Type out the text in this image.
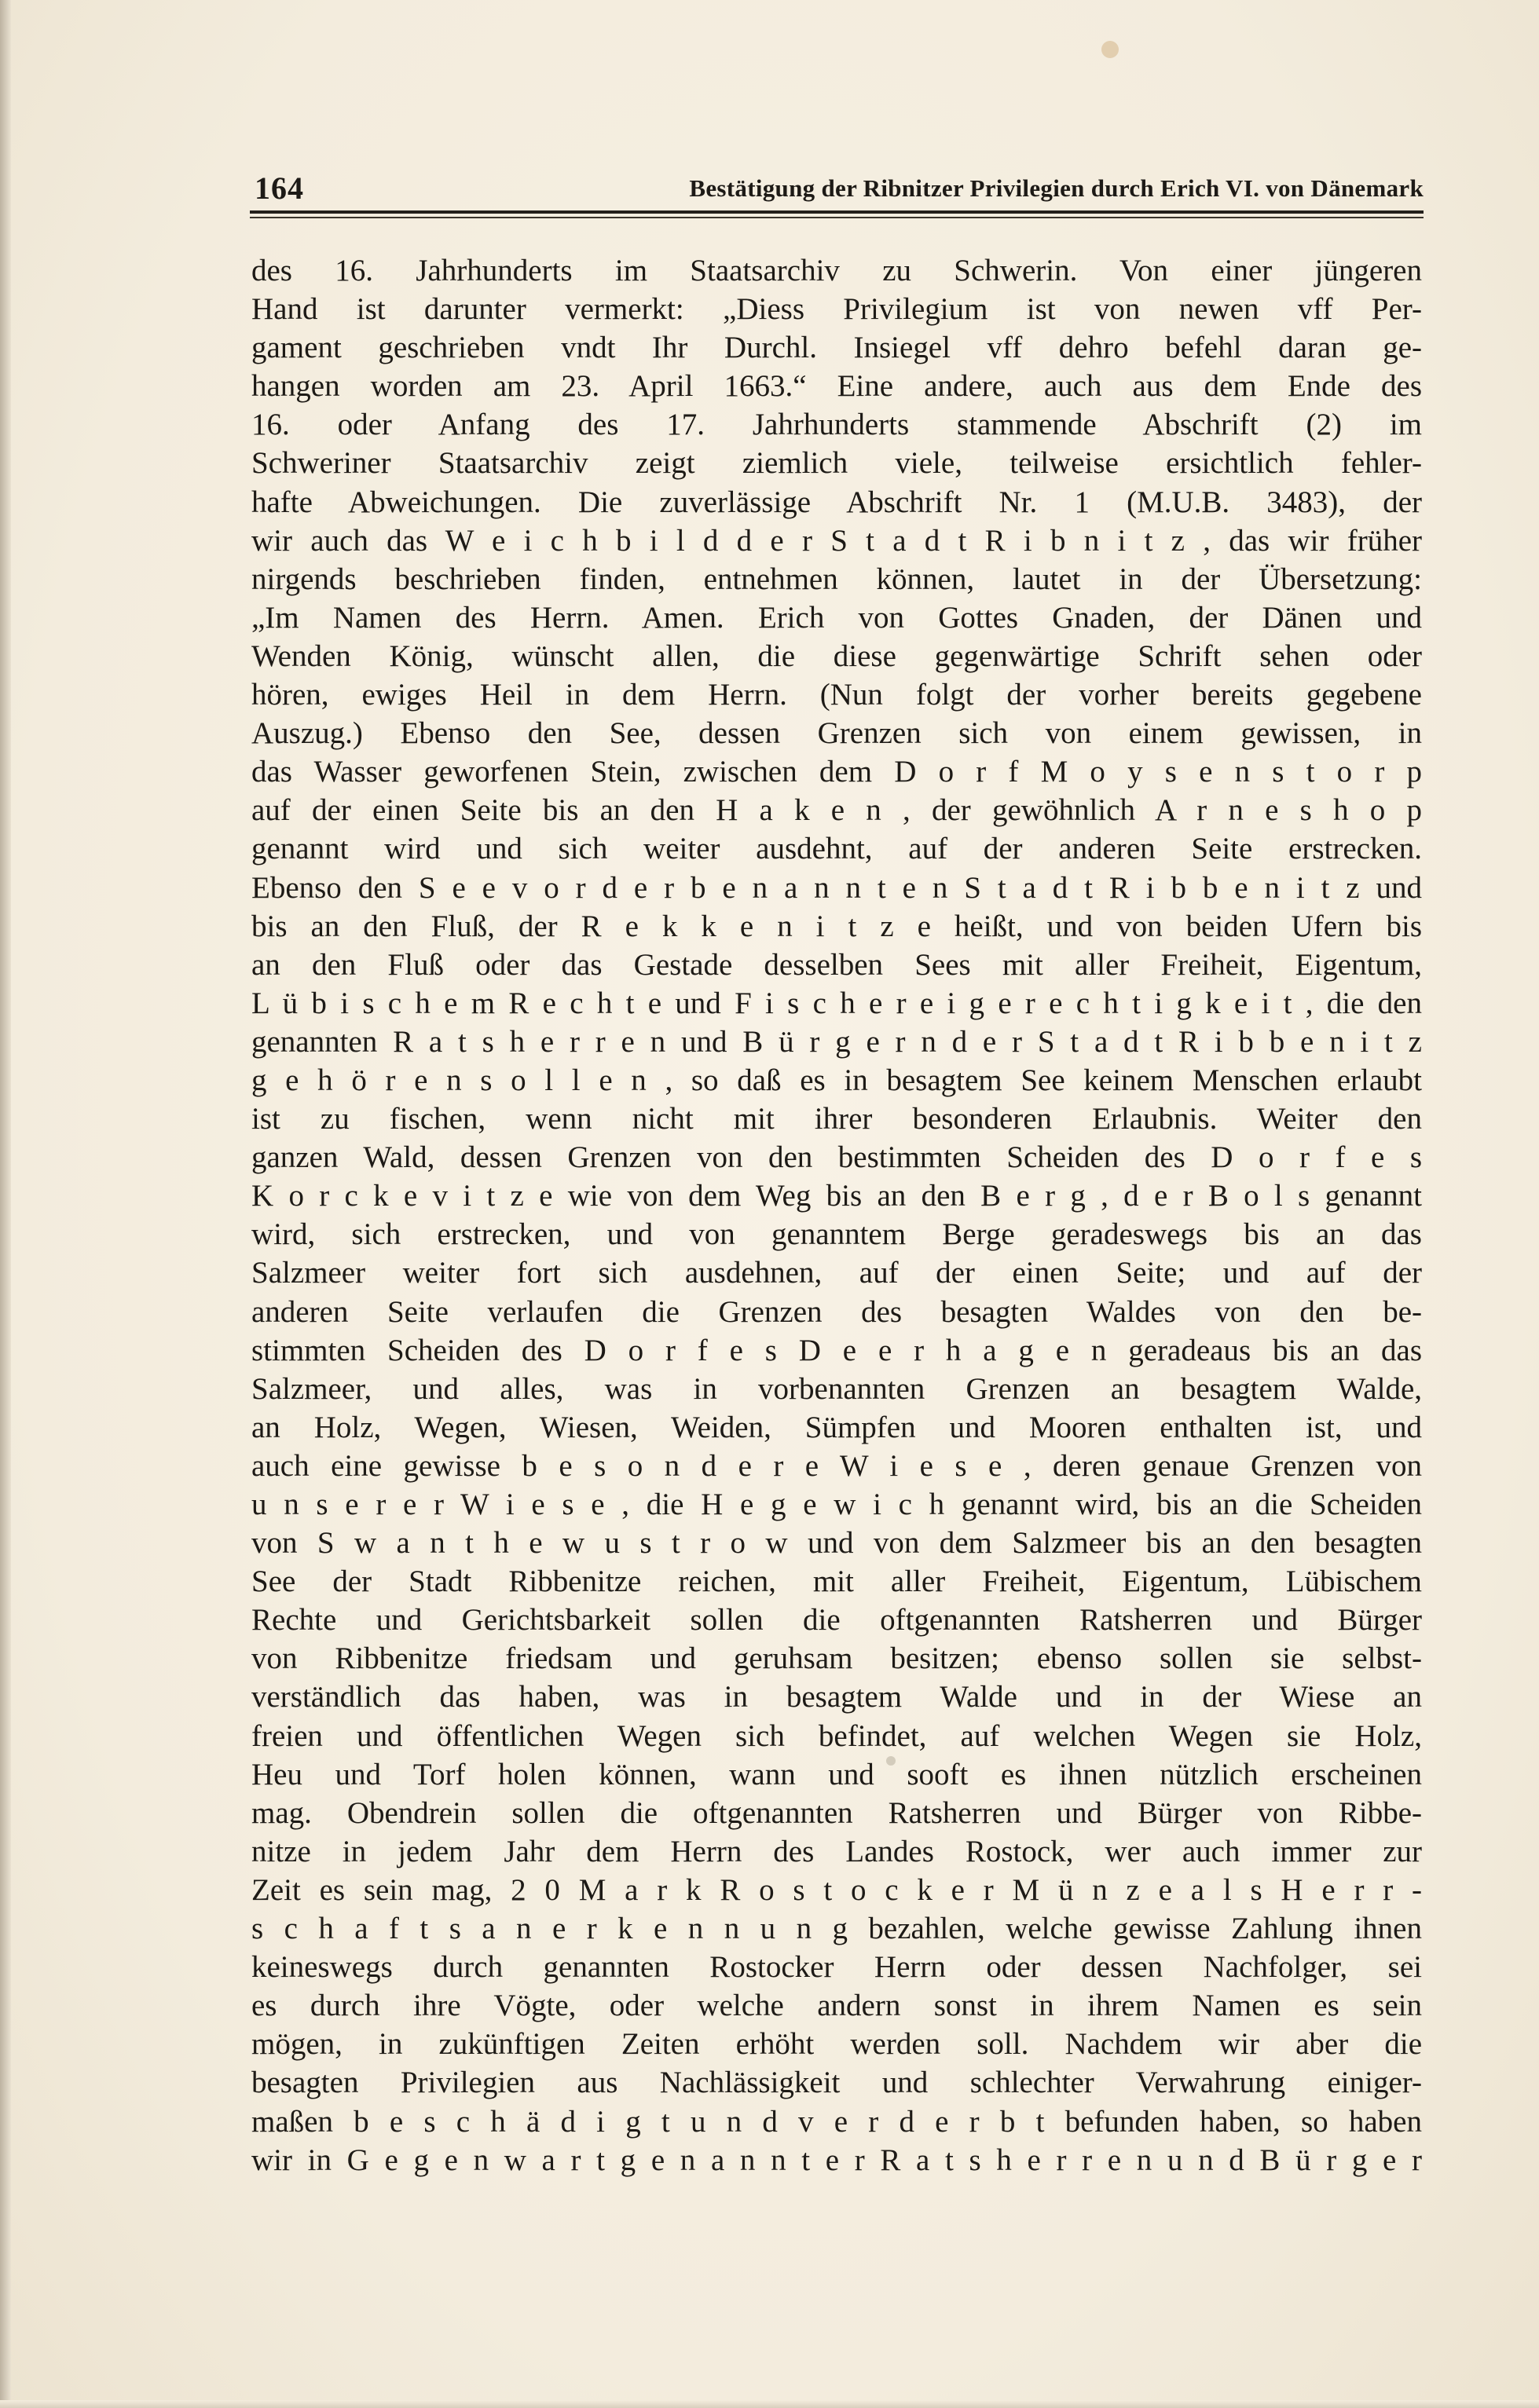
164	Bestätigung der Ribnitzer Privilegien durch Erich VI. von Dänemark
des 16. Jahrhunderts im Staatsarchiv zu Schwerin. Von einer jüngeren
Hand ist darunter vermerkt: „Diess Privilegium ist von newen vff Per-
gament geschrieben vndt Ihr Durchl. Insiegel vff dehro befehl daran ge-
hangen worden am 23. April 1663.“ Eine andere, auch aus dem Ende des
16. oder Anfang des 17. Jahrhunderts stammende Abschrift (2) im
Schweriner Staatsarchiv zeigt ziemlich viele, teilweise ersichtlich fehler-
hafte Abweichungen. Die zuverlässige Abschrift Nr. 1 (M.U.B. 3483), der
wir auch das W e i c h b i l d d e r S t a d t R i b n i t z , das wir früher
nirgends beschrieben finden, entnehmen können, lautet in der Übersetzung:
„Im Namen des Herrn. Amen. Erich von Gottes Gnaden, der Dänen und
Wenden König, wünscht allen, die diese gegenwärtige Schrift sehen oder
hören, ewiges Heil in dem Herrn. (Nun folgt der vorher bereits gegebene
Auszug.) Ebenso den See, dessen Grenzen sich von einem gewissen, in
das Wasser geworfenen Stein, zwischen dem D o r f M o y s e n s t o r p
auf der einen Seite bis an den H a k e n , der gewöhnlich A r n e s h o p
genannt wird und sich weiter ausdehnt, auf der anderen Seite erstrecken.
Ebenso den S e e v o r d e r b e n a n n t e n S t a d t R i b b e n i t z und
bis an den Fluß, der R e k k e n i t z e heißt, und von beiden Ufern bis
an den Fluß oder das Gestade desselben Sees mit aller Freiheit, Eigentum,
L ü b i s c h e m R e c h t e und F i s c h e r e i g e r e c h t i g k e i t , die den
genannten R a t s h e r r e n und B ü r g e r n d e r S t a d t R i b b e n i t z
g e h ö r e n s o l l e n , so daß es in besagtem See keinem Menschen erlaubt
ist zu fischen, wenn nicht mit ihrer besonderen Erlaubnis. Weiter den
ganzen Wald, dessen Grenzen von den bestimmten Scheiden des D o r f e s
K o r c k e v i t z e wie von dem Weg bis an den B e r g , d e r B o l s genannt
wird, sich erstrecken, und von genanntem Berge geradeswegs bis an das
Salzmeer weiter fort sich ausdehnen, auf der einen Seite; und auf der
anderen Seite verlaufen die Grenzen des besagten Waldes von den be-
stimmten Scheiden des D o r f e s D e e r h a g e n geradeaus bis an das
Salzmeer, und alles, was in vorbenannten Grenzen an besagtem Walde,
an Holz, Wegen, Wiesen, Weiden, Sümpfen und Mooren enthalten ist, und
auch eine gewisse b e s o n d e r e W i e s e , deren genaue Grenzen von
u n s e r e r W i e s e , die H e g e w i c h genannt wird, bis an die Scheiden
von S w a n t h e w u s t r o w und von dem Salzmeer bis an den besagten
See der Stadt Ribbenitze reichen, mit aller Freiheit, Eigentum, Lübischem
Rechte und Gerichtsbarkeit sollen die oftgenannten Ratsherren und Bürger
von Ribbenitze friedsam und geruhsam besitzen; ebenso sollen sie selbst-
verständlich das haben, was in besagtem Walde und in der Wiese an
freien und öffentlichen Wegen sich befindet, auf welchen Wegen sie Holz,
Heu und Torf holen können, wann und sooft es ihnen nützlich erscheinen
mag. Obendrein sollen die oftgenannten Ratsherren und Bürger von Ribbe-
nitze in jedem Jahr dem Herrn des Landes Rostock, wer auch immer zur
Zeit es sein mag, 2 0 M a r k R o s t o c k e r M ü n z e a l s H e r r -
s c h a f t s a n e r k e n n u n g bezahlen, welche gewisse Zahlung ihnen
keineswegs durch genannten Rostocker Herrn oder dessen Nachfolger, sei
es durch ihre Vögte, oder welche andern sonst in ihrem Namen es sein
mögen, in zukünftigen Zeiten erhöht werden soll. Nachdem wir aber die
besagten Privilegien aus Nachlässigkeit und schlechter Verwahrung einiger-
maßen b e s c h ä d i g t u n d v e r d e r b t befunden haben, so haben
wir in G e g e n w a r t g e n a n n t e r R a t s h e r r e n u n d B ü r g e r
